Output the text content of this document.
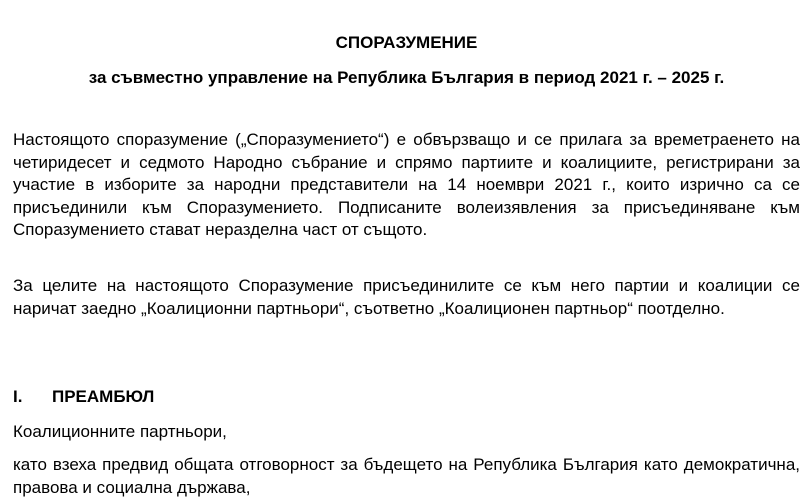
СПОРАЗУМЕНИЕ
за съвместно управление на Република България в период 2021 г. – 2025 г.

Настоящото споразумение („Споразумението“) е обвързващо и се прилага за времетраенето на четиридесет и седмото Народно събрание и спрямо партиите и коалициите, регистрирани за участие в изборите за народни представители на 14 ноември 2021 г., които изрично са се присъединили към Споразумението. Подписаните волеизявления за присъединяване към Споразумението стават неразделна част от същото.

За целите на настоящото Споразумение присъединилите се към него партии и коалиции се наричат заедно „Коалиционни партньори“, съответно „Коалиционен партньор“ поотделно.

I. ПРЕАМБЮЛ

Коалиционните партньори,

като взеха предвид общата отговорност за бъдещето на Република България като демократична, правова и социална държава,
